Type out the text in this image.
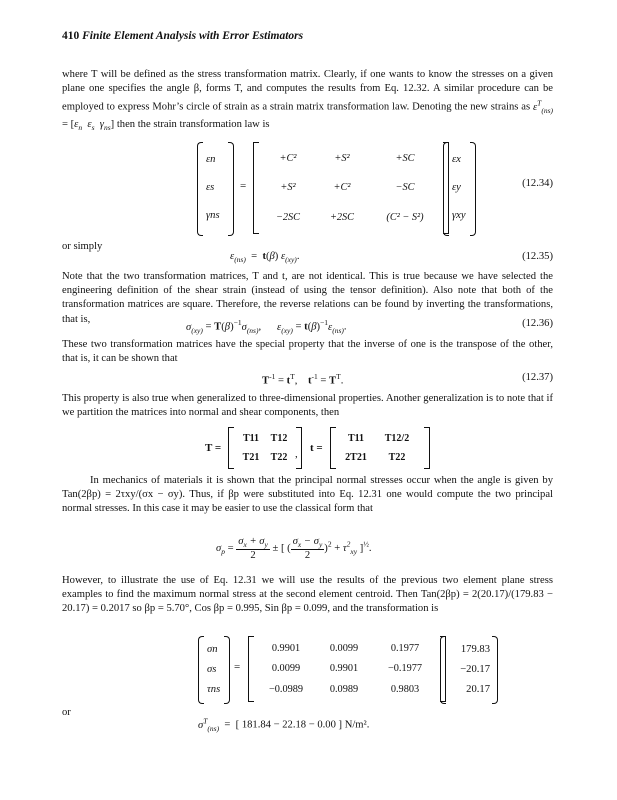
410 Finite Element Analysis with Error Estimators
where T will be defined as the stress transformation matrix. Clearly, if one wants to know the stresses on a given plane one specifies the angle β, forms T, and computes the results from Eq. 12.32. A similar procedure can be employed to express Mohr’s circle of strain as a strain matrix transformation law. Denoting the new strains as $\varepsilon^T_{(ns)} = [\varepsilon_n$ $\varepsilon_s$ $\gamma_{ns}$] then the strain transformation law is
εn
εs
γns
=
+C²	+S²	+SC
+S²	+C²	−SC
−2SC	+2SC	(C² − S²)
εx
εy
γxy
(12.34)
or simply
$\varepsilon_{(ns)} = t(\beta)$ $\varepsilon_{(xy)}$.	(12.35)
Note that the two transformation matrices, T and t, are not identical. This is true because we have selected the engineering definition of the shear strain (instead of using the tensor definition). Also note that both of the transformation matrices are square. Therefore, the reverse relations can be found by inverting the transformations, that is,
$\sigma_{(xy)} = T(\beta)^{-1}\sigma_{(ns)}$,      $\varepsilon_{(xy)} = t(\beta)^{-1}\varepsilon_{(ns)}$.	(12.36)
These two transformation matrices have the special property that the inverse of one is the transpose of the other, that is, it can be shown that
$T^{-1} = t^T$,    $t^{-1} = T^T$.	(12.37)
This property is also true when generalized to three-dimensional properties. Another generalization is to note that if we partition the matrices into normal and shear components, then
T =
T11	T12
T21	T22 , t =
T11	T12/2
2T21	T22
In mechanics of materials it is shown that the principal normal stresses occur when the angle is given by Tan(2βp) = 2τxy/(σx − σy). Thus, if βp were substituted into Eq. 12.31 one would compute the two principal normal stresses. In this case it may be easier to use the classical form that
$\sigma_p = \frac{\sigma_x + \sigma_y}{2}$ ± [ ( $\frac{\sigma_x - \sigma_y}{2} )^2 + \tau^2_{xy}$ ]$^{\frac{1}{2}}$.
However, to illustrate the use of Eq. 12.31 we will use the results of the previous two element plane stress examples to find the maximum normal stress at the second element centroid. Then Tan(2βp) = 2(20.17)/(179.83 − 20.17) = 0.2017 so βp = 5.70°, Cos βp = 0.995, Sin βp = 0.099, and the transformation is
σn
σs
τns
=
0.9901	0.0099	0.1977
0.0099	0.9901	−0.1977
−0.0989	0.0989	0.9803
179.83
−20.17
20.17
or
$\sigma^T_{(ns)}$  =  [ 181.84 − 22.18 − 0.00 ] N/m².
